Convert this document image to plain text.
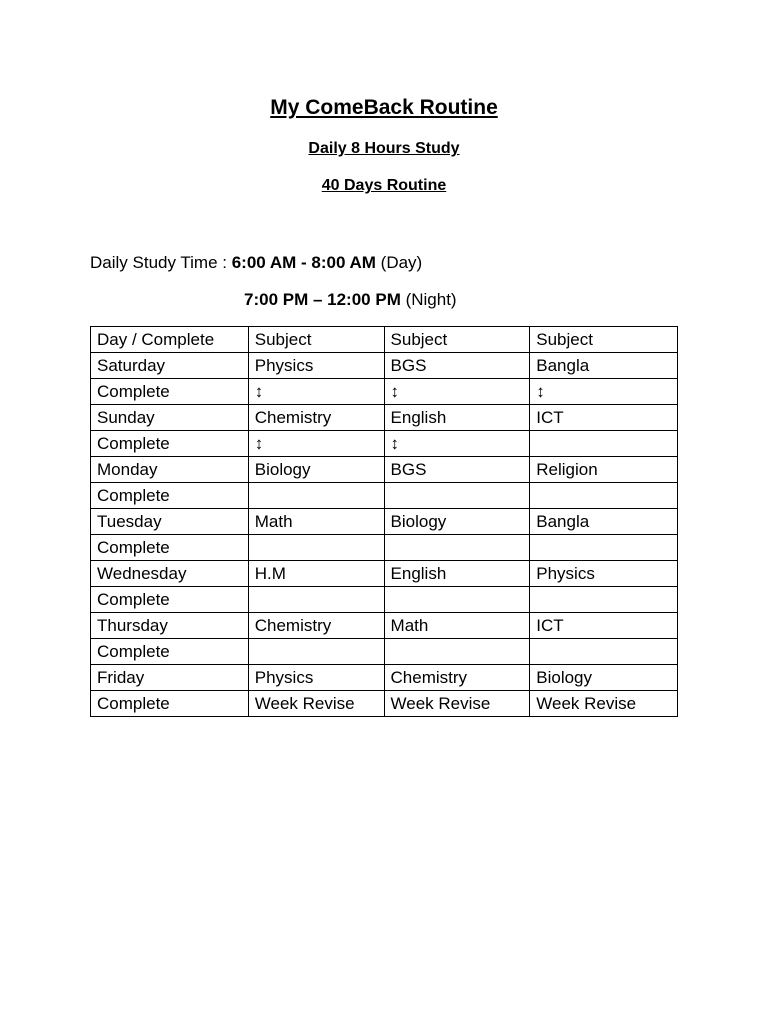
My ComeBack Routine
Daily 8 Hours Study
40 Days Routine
Daily Study Time : 6:00 AM - 8:00 AM (Day)
7:00 PM – 12:00 PM (Night)
Day / Complete	Subject	Subject	Subject
Saturday	Physics	BGS	Bangla
Complete	↕	↕	↕
Sunday	Chemistry	English	ICT
Complete	↕	↕	
Monday	Biology	BGS	Religion
Complete			
Tuesday	Math	Biology	Bangla
Complete			
Wednesday	H.M	English	Physics
Complete			
Thursday	Chemistry	Math	ICT
Complete			
Friday	Physics	Chemistry	Biology
Complete	Week Revise	Week Revise	Week Revise
